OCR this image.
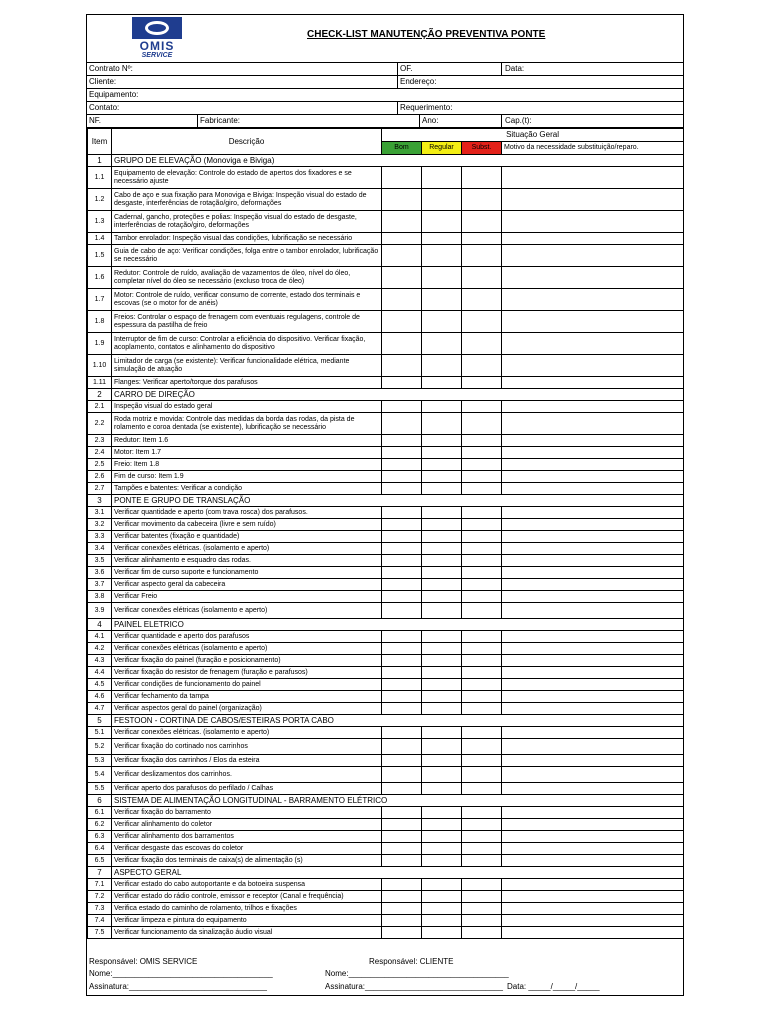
OMIS
SERVICE
CHECK-LIST MANUTENÇÃO PREVENTIVA PONTE
Contrato Nº:	OF.	Data:
Cliente:	Endereço:
Equipamento:
Contato:	Requerimento:
NF.	Fabricante:	Ano:	Cap.(t):
Item	Descrição	Situação Geral			
		Bom	Regular	Subst.	Motivo da necessidade substituição/reparo.
1	GRUPO DE ELEVAÇÃO (Monoviga e Biviga)				
1.1	Equipamento de elevação: Controle do estado de apertos dos fixadores e se necessário ajuste				
1.2	Cabo de aço e sua fixação para Monoviga e Biviga: Inspeção visual do estado de desgaste, interferências de rotação/giro, deformações				
1.3	Cadernal, gancho, proteções e polias: Inspeção visual do estado de desgaste, interferências de rotação/giro, deformações				
1.4	Tambor enrolador: Inspeção visual das condições, lubrificação se necessário				
1.5	Guia de cabo de aço: Verificar condições, folga entre o tambor enrolador, lubrificação se necessário				
1.6	Redutor: Controle de ruído, avaliação de vazamentos de óleo, nível do óleo, completar nível do óleo se necessário (excluso troca de óleo)				
1.7	Motor: Controle de ruído, verificar consumo de corrente, estado dos terminais e escovas (se o motor for de anéis)				
1.8	Freios: Controlar o espaço de frenagem com eventuais regulagens, controle de espessura da pastilha de freio				
1.9	Interruptor de fim de curso: Controlar a eficiência do dispositivo. Verificar fixação, acoplamento, contatos e alinhamento do dispositivo				
1.10	Limitador de carga (se existente): Verificar funcionalidade elétrica, mediante simulação de atuação				
1.11	Flanges: Verificar aperto/torque dos parafusos				
2	CARRO DE DIREÇÃO				
2.1	Inspeção visual do estado geral				
2.2	Roda motriz e movida: Controle das medidas da borda das rodas, da pista de rolamento e coroa dentada (se existente), lubrificação se necessário				
2.3	Redutor: Item 1.6				
2.4	Motor: Item 1.7				
2.5	Freio: Item 1.8				
2.6	Fim de curso: Item 1.9				
2.7	Tampões e batentes: Verificar a condição				
3	PONTE E GRUPO DE TRANSLAÇÃO				
3.1	Verificar quantidade e aperto (com trava rosca) dos parafusos.				
3.2	Verificar movimento da cabeceira (livre e sem ruído)				
3.3	Verificar batentes (fixação e quantidade)				
3.4	Verificar conexões elétricas. (isolamento e aperto)				
3.5	Verificar alinhamento e esquadro das rodas.				
3.6	Verificar fim de curso suporte e funcionamento				
3.7	Verificar aspecto geral da cabeceira				
3.8	Verificar Freio				
3.9	Verificar conexões elétricas (isolamento e aperto)				
4	PAINEL ELETRICO				
4.1	Verificar quantidade e aperto dos parafusos				
4.2	Verificar conexões elétricas (isolamento e aperto)				
4.3	Verificar fixação do painel (furação e posicionamento)				
4.4	Verificar fixação do resistor de frenagem (furação e parafusos)				
4.5	Verificar condições de funcionamento do painel				
4.6	Verificar fechamento da tampa				
4.7	Verificar aspectos geral do painel (organização)				
5	FESTOON - CORTINA DE CABOS/ESTEIRAS PORTA CABO				
5.1	Verificar conexões elétricas. (isolamento e aperto)				
5.2	Verificar fixação do cortinado nos carrinhos				
5.3	Verificar fixação dos carrinhos / Elos da esteira				
5.4	Verificar deslizamentos dos carrinhos.				
5.5	Verificar aperto dos parafusos do perfilado / Calhas				
6	SISTEMA DE ALIMENTAÇÃO LONGITUDINAL - BARRAMENTO ELÉTRICO				
6.1	Verificar fixação do barramento				
6.2	Verificar alinhamento do coletor				
6.3	Verificar alinhamento dos barramentos				
6.4	Verificar desgaste das escovas do coletor				
6.5	Verificar fixação dos terminais de caixa(s) de alimentação (s)				
7	ASPECTO GERAL				
7.1	Verificar estado do cabo autoportante e da botoeira suspensa				
7.2	Verificar estado do rádio controle, emissor e receptor (Canal e frequência)				
7.3	Verifica estado do caminho de rolamento, trilhos e fixações				
7.4	Verificar limpeza e pintura do equipamento				
7.5	Verificar funcionamento da sinalização áudio visual				
Responsável: OMIS SERVICE	Responsável: CLIENTE
Nome:____________________________________	Nome:____________________________________
Assinatura:_______________________________	Assinatura:_______________________________ Data: _____/_____/_____
